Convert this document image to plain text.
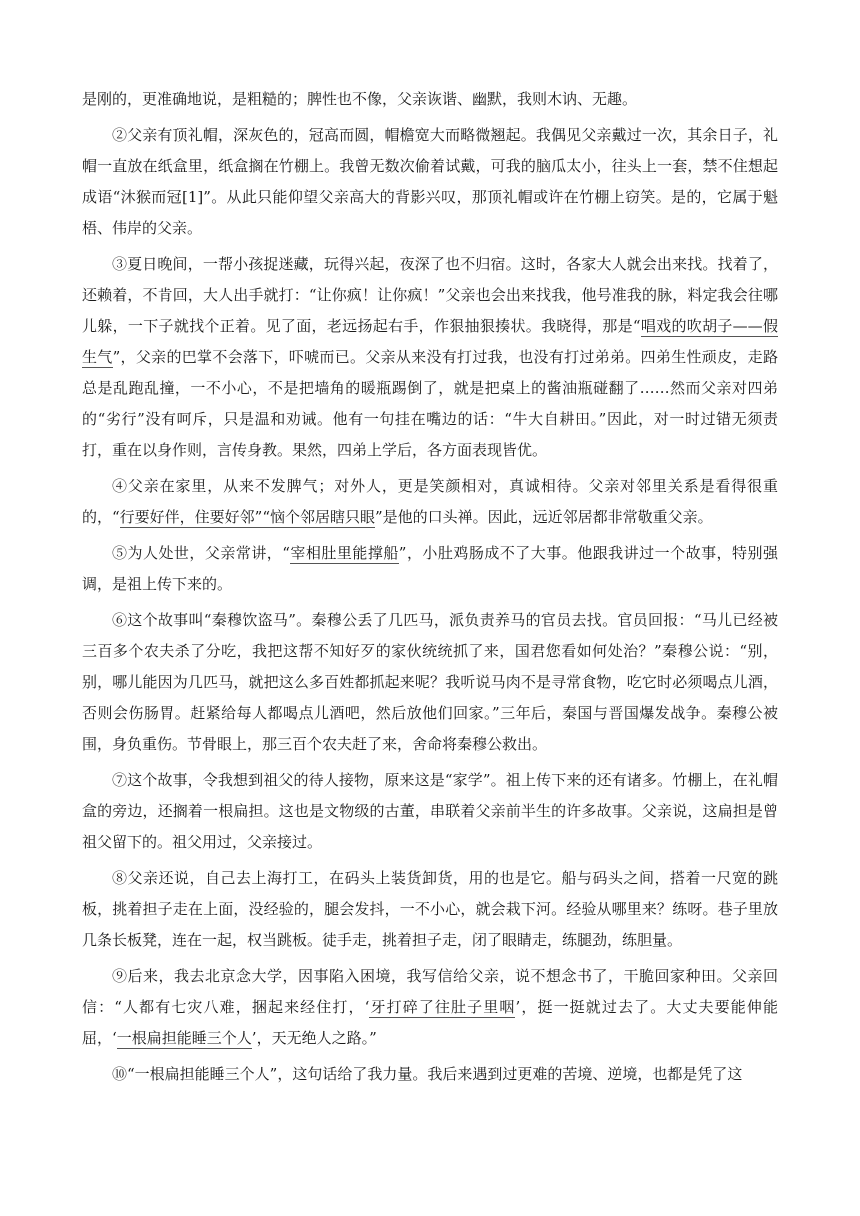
是刚的，更准确地说，是粗糙的；脾性也不像，父亲诙谐、幽默，我则木讷、无趣。

②父亲有顶礼帽，深灰色的，冠高而圆，帽檐宽大而略微翘起。我偶见父亲戴过一次，其余日子，礼帽一直放在纸盒里，纸盒搁在竹棚上。我曾无数次偷着试戴，可我的脑瓜太小，往头上一套，禁不住想起成语“沐猴而冠[1]”。从此只能仰望父亲高大的背影兴叹，那顶礼帽或许在竹棚上窃笑。是的，它属于魁梧、伟岸的父亲。

③夏日晚间，一帮小孩捉迷藏，玩得兴起，夜深了也不归宿。这时，各家大人就会出来找。找着了，还赖着，不肯回，大人出手就打：“让你疯！让你疯！”父亲也会出来找我，他号准我的脉，料定我会往哪儿躲，一下子就找个正着。见了面，老远扬起右手，作狠抽狠揍状。我晓得，那是“唱戏的吹胡子——假生气”，父亲的巴掌不会落下，吓唬而已。父亲从来没有打过我，也没有打过弟弟。四弟生性顽皮，走路总是乱跑乱撞，一不小心，不是把墙角的暖瓶踢倒了，就是把桌上的酱油瓶碰翻了……然而父亲对四弟的“劣行”没有呵斥，只是温和劝诫。他有一句挂在嘴边的话：“牛大自耕田。”因此，对一时过错无须责打，重在以身作则，言传身教。果然，四弟上学后，各方面表现皆优。

④父亲在家里，从来不发脾气；对外人，更是笑颜相对，真诚相待。父亲对邻里关系是看得很重的，“行要好伴，住要好邻”“恼个邻居瞎只眼”是他的口头禅。因此，远近邻居都非常敬重父亲。

⑤为人处世，父亲常讲，“宰相肚里能撑船”，小肚鸡肠成不了大事。他跟我讲过一个故事，特别强调，是祖上传下来的。

⑥这个故事叫“秦穆饮盗马”。秦穆公丢了几匹马，派负责养马的官员去找。官员回报：“马儿已经被三百多个农夫杀了分吃，我把这帮不知好歹的家伙统统抓了来，国君您看如何处治？”秦穆公说：“别，别，哪儿能因为几匹马，就把这么多百姓都抓起来呢？我听说马肉不是寻常食物，吃它时必须喝点儿酒，否则会伤肠胃。赶紧给每人都喝点儿酒吧，然后放他们回家。”三年后，秦国与晋国爆发战争。秦穆公被围，身负重伤。节骨眼上，那三百个农夫赶了来，舍命将秦穆公救出。

⑦这个故事，令我想到祖父的待人接物，原来这是“家学”。祖上传下来的还有诸多。竹棚上，在礼帽盒的旁边，还搁着一根扁担。这也是文物级的古董，串联着父亲前半生的许多故事。父亲说，这扁担是曾祖父留下的。祖父用过，父亲接过。

⑧父亲还说，自己去上海打工，在码头上装货卸货，用的也是它。船与码头之间，搭着一尺宽的跳板，挑着担子走在上面，没经验的，腿会发抖，一不小心，就会栽下河。经验从哪里来？练呀。巷子里放几条长板凳，连在一起，权当跳板。徒手走，挑着担子走，闭了眼睛走，练腿劲，练胆量。

⑨后来，我去北京念大学，因事陷入困境，我写信给父亲，说不想念书了，干脆回家种田。父亲回信：“人都有七灾八难，捆起来经住打，‘牙打碎了往肚子里咽’，挺一挺就过去了。大丈夫要能伸能屈，‘一根扁担能睡三个人’，天无绝人之路。”

⑩“一根扁担能睡三个人”，这句话给了我力量。我后来遇到过更难的苦境、逆境，也都是凭了这
